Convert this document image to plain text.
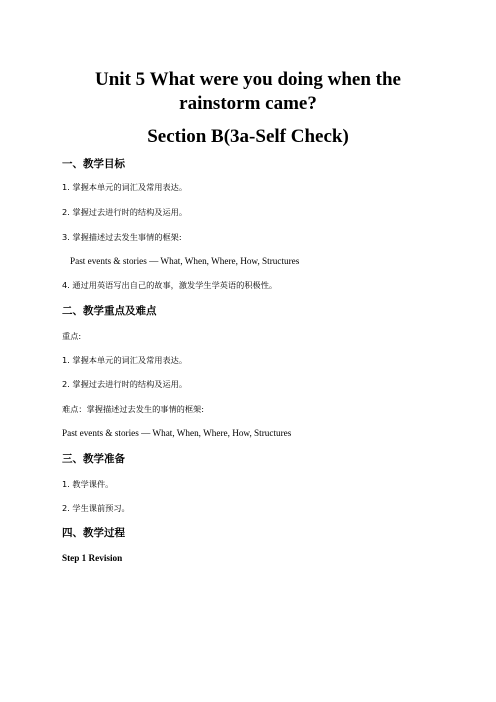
Unit 5 What were you doing when the
rainstorm came?
Section B(3a-Self Check)
一、教学目标
1. 掌握本单元的词汇及常用表达。
2. 掌握过去进行时的结构及运用。
3. 掌握描述过去发生事情的框架:
Past events & stories — What, When, Where, How, Structures
4. 通过用英语写出自己的故事，激发学生学英语的积极性。
二、教学重点及难点
重点:
1. 掌握本单元的词汇及常用表达。
2. 掌握过去进行时的结构及运用。
难点：掌握描述过去发生的事情的框架:
Past events & stories — What, When, Where, How, Structures
三、教学准备
1. 教学课件。
2. 学生课前预习。
四、教学过程
Step 1 Revision
